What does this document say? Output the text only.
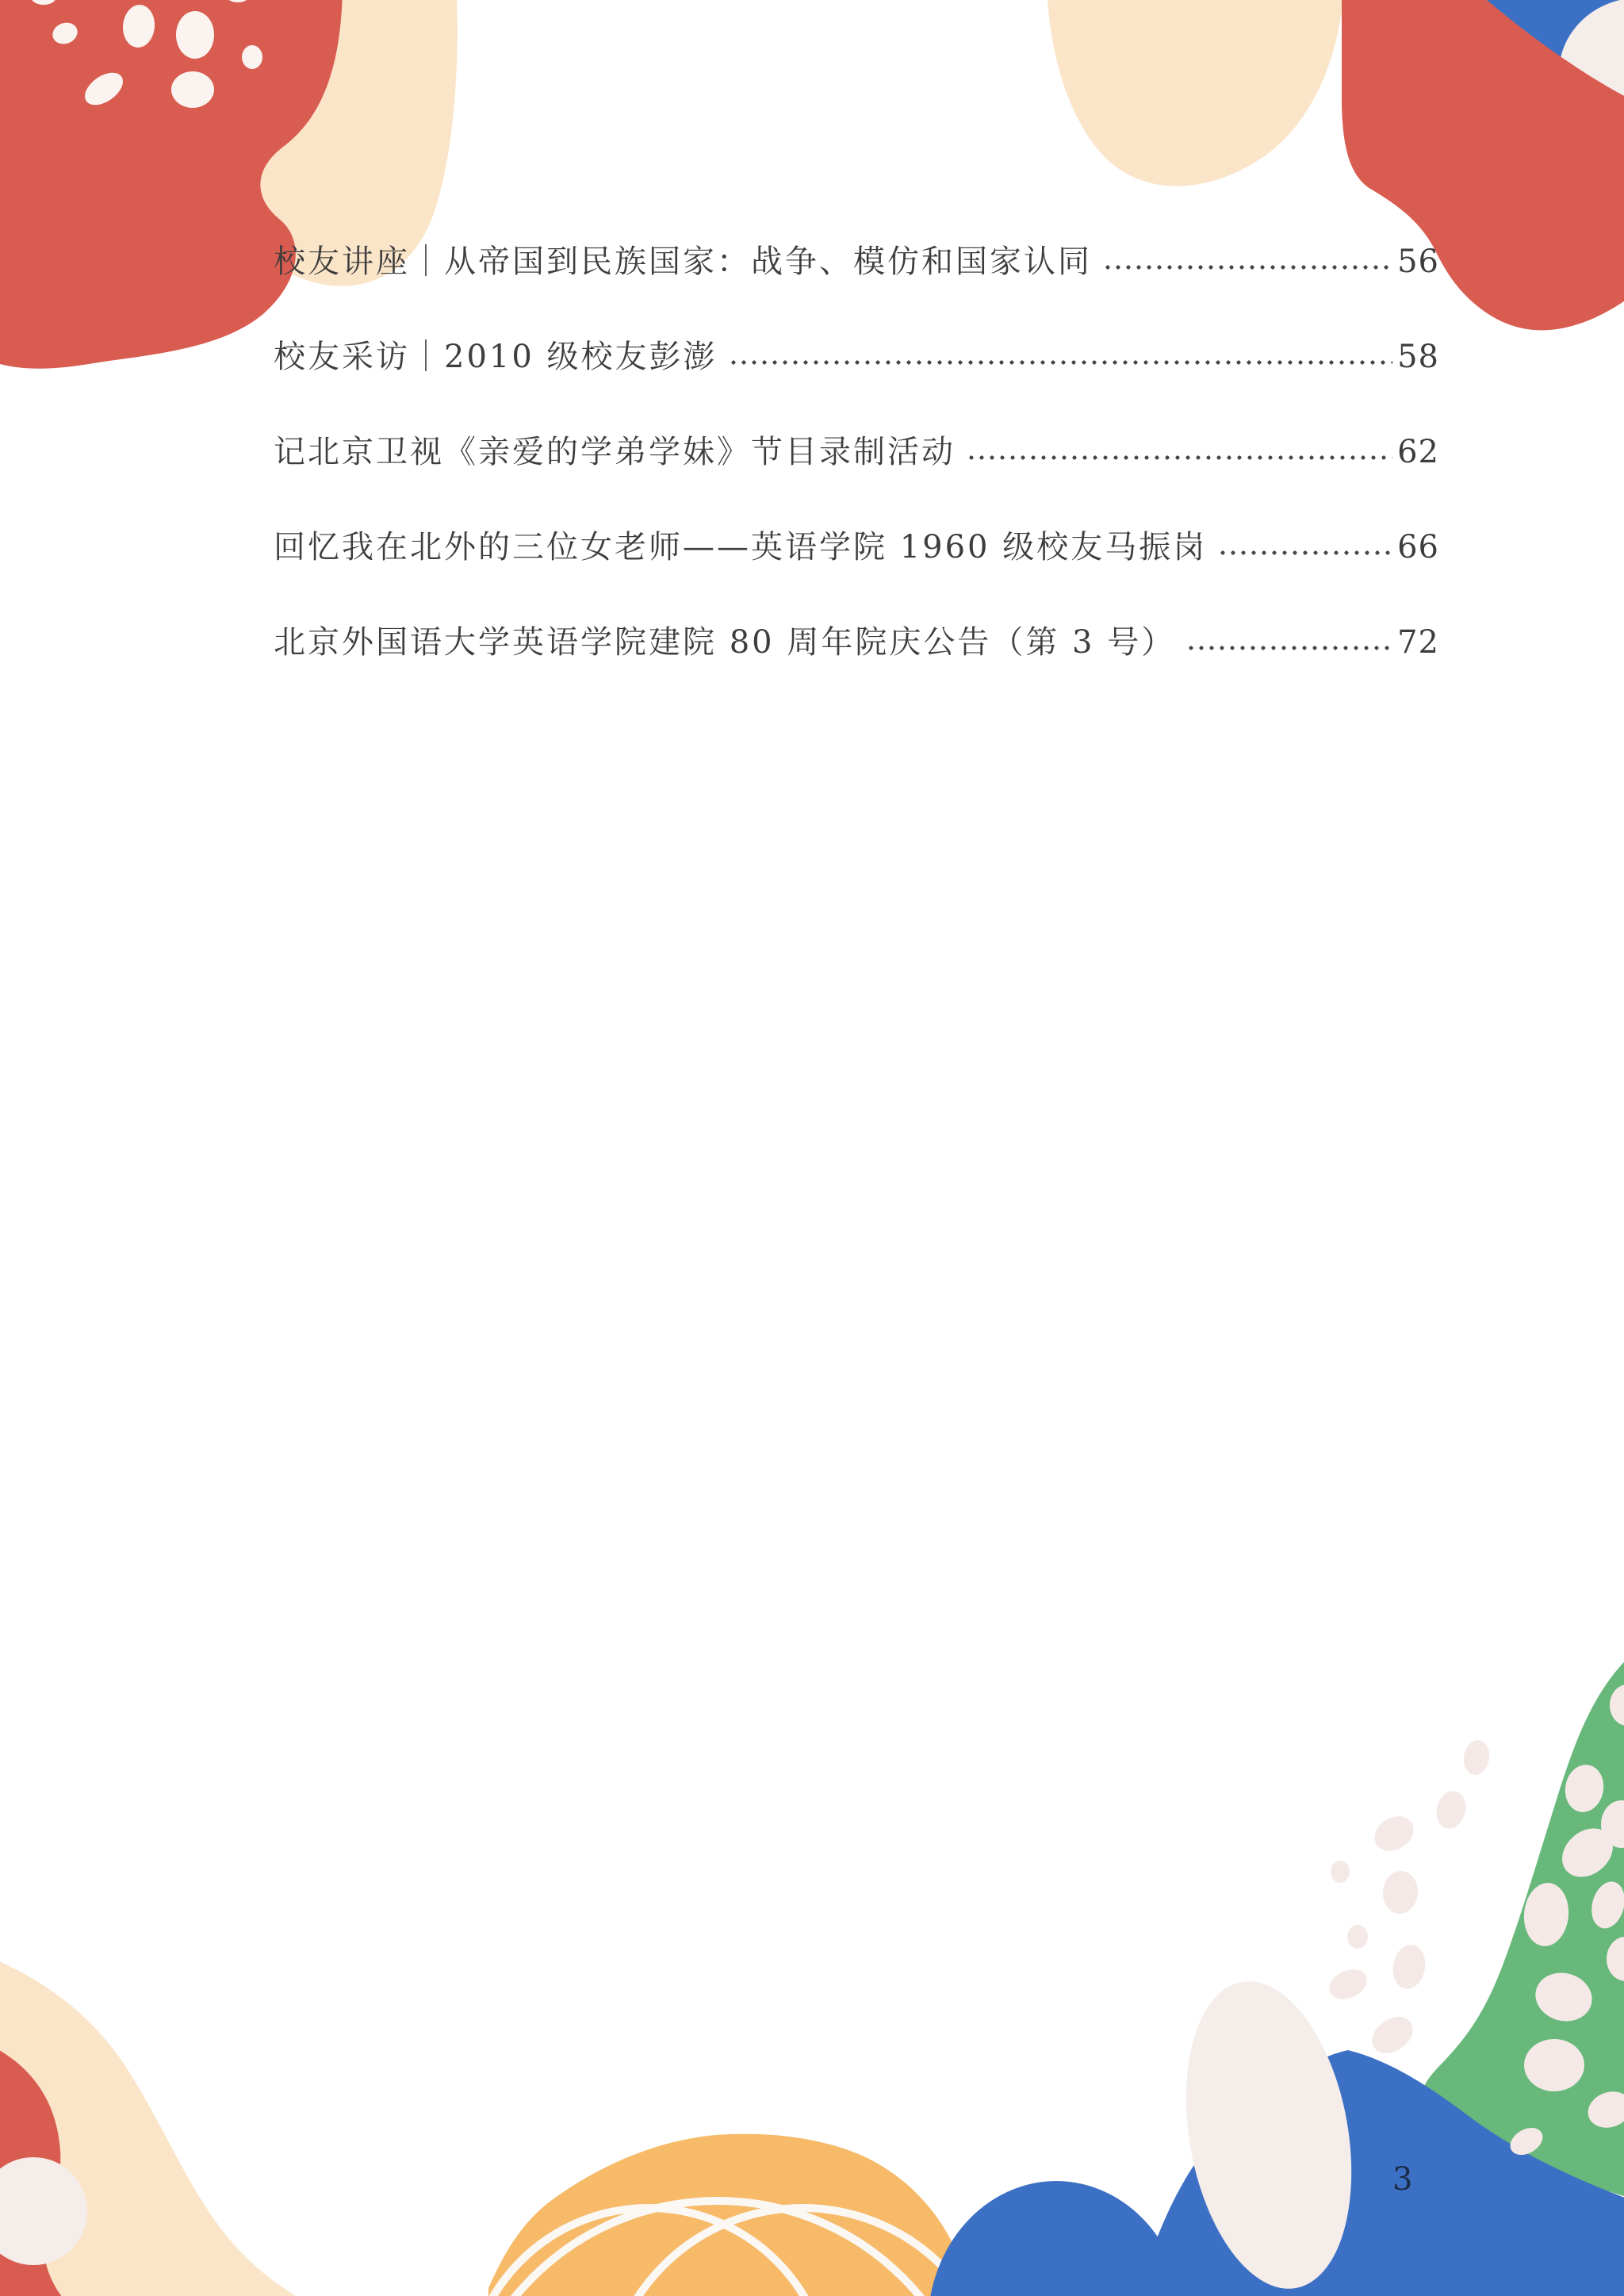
校友讲座｜从帝国到民族国家：战争、模仿和国家认同	56
校友采访｜2010 级校友彭澎	58
记北京卫视《亲爱的学弟学妹》节目录制活动	62
回忆我在北外的三位女老师——英语学院 1960 级校友马振岗	66
北京外国语大学英语学院建院 80 周年院庆公告（第 3 号）	72
3
